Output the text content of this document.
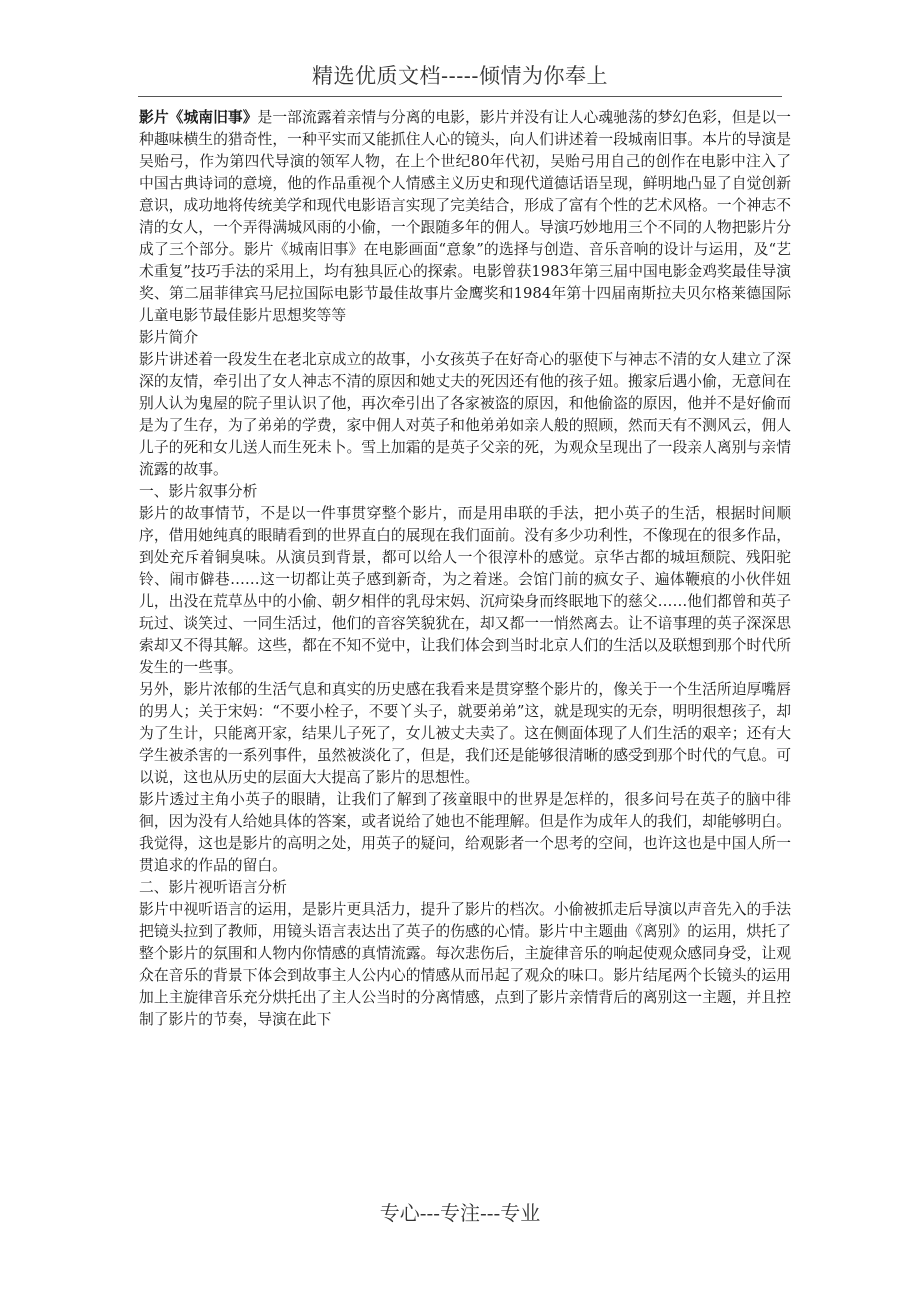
精选优质文档-----倾情为你奉上

影片《城南旧事》是一部流露着亲情与分离的电影，影片并没有让人心魂驰荡的梦幻色彩，但是以一种趣味横生的猎奇性，一种平实而又能抓住人心的镜头，向人们讲述着一段城南旧事。本片的导演是吴贻弓，作为第四代导演的领军人物，在上个世纪80年代初，吴贻弓用自己的创作在电影中注入了中国古典诗词的意境，他的作品重视个人情感主义历史和现代道德话语呈现，鲜明地凸显了自觉创新意识，成功地将传统美学和现代电影语言实现了完美结合，形成了富有个性的艺术风格。一个神志不清的女人，一个弄得满城风雨的小偷，一个跟随多年的佣人。导演巧妙地用三个不同的人物把影片分成了三个部分。影片《城南旧事》在电影画面“意象”的选择与创造、音乐音响的设计与运用，及“艺术重复”技巧手法的采用上，均有独具匠心的探索。电影曾获1983年第三届中国电影金鸡奖最佳导演奖、第二届菲律宾马尼拉国际电影节最佳故事片金鹰奖和1984年第十四届南斯拉夫贝尔格莱德国际儿童电影节最佳影片思想奖等等

影片简介

影片讲述着一段发生在老北京成立的故事，小女孩英子在好奇心的驱使下与神志不清的女人建立了深深的友情，牵引出了女人神志不清的原因和她丈夫的死因还有他的孩子妞。搬家后遇小偷，无意间在别人认为鬼屋的院子里认识了他，再次牵引出了各家被盗的原因，和他偷盗的原因，他并不是好偷而是为了生存，为了弟弟的学费，家中佣人对英子和他弟弟如亲人般的照顾，然而天有不测风云，佣人儿子的死和女儿送人而生死未卜。雪上加霜的是英子父亲的死，为观众呈现出了一段亲人离别与亲情流露的故事。

一、影片叙事分析

影片的故事情节，不是以一件事贯穿整个影片，而是用串联的手法，把小英子的生活，根据时间顺序，借用她纯真的眼睛看到的世界直白的展现在我们面前。没有多少功利性，不像现在的很多作品，到处充斥着铜臭味。从演员到背景，都可以给人一个很淳朴的感觉。京华古都的城垣颓院、残阳驼铃、闹市僻巷……这一切都让英子感到新奇，为之着迷。会馆门前的疯女子、遍体鞭痕的小伙伴妞儿，出没在荒草丛中的小偷、朝夕相伴的乳母宋妈、沉疴染身而终眠地下的慈父……他们都曾和英子玩过、谈笑过、一同生活过，他们的音容笑貌犹在，却又都一一悄然离去。让不谙事理的英子深深思索却又不得其解。这些，都在不知不觉中，让我们体会到当时北京人们的生活以及联想到那个时代所发生的一些事。

另外，影片浓郁的生活气息和真实的历史感在我看来是贯穿整个影片的，像关于一个生活所迫厚嘴唇的男人；关于宋妈：“不要小栓子，不要丫头子，就要弟弟”这，就是现实的无奈，明明很想孩子，却为了生计，只能离开家，结果儿子死了，女儿被丈夫卖了。这在侧面体现了人们生活的艰辛；还有大学生被杀害的一系列事件，虽然被淡化了，但是，我们还是能够很清晰的感受到那个时代的气息。可以说，这也从历史的层面大大提高了影片的思想性。

影片透过主角小英子的眼睛，让我们了解到了孩童眼中的世界是怎样的，很多问号在英子的脑中徘徊，因为没有人给她具体的答案，或者说给了她也不能理解。但是作为成年人的我们，却能够明白。我觉得，这也是影片的高明之处，用英子的疑问，给观影者一个思考的空间，也许这也是中国人所一贯追求的作品的留白。

二、影片视听语言分析

影片中视听语言的运用，是影片更具活力，提升了影片的档次。小偷被抓走后导演以声音先入的手法把镜头拉到了教师，用镜头语言表达出了英子的伤感的心情。影片中主题曲《离别》的运用，烘托了整个影片的氛围和人物内你情感的真情流露。每次悲伤后，主旋律音乐的响起使观众感同身受，让观众在音乐的背景下体会到故事主人公内心的情感从而吊起了观众的味口。影片结尾两个长镜头的运用加上主旋律音乐充分烘托出了主人公当时的分离情感，点到了影片亲情背后的离别这一主题，并且控制了影片的节奏，导演在此下

专心---专注---专业
